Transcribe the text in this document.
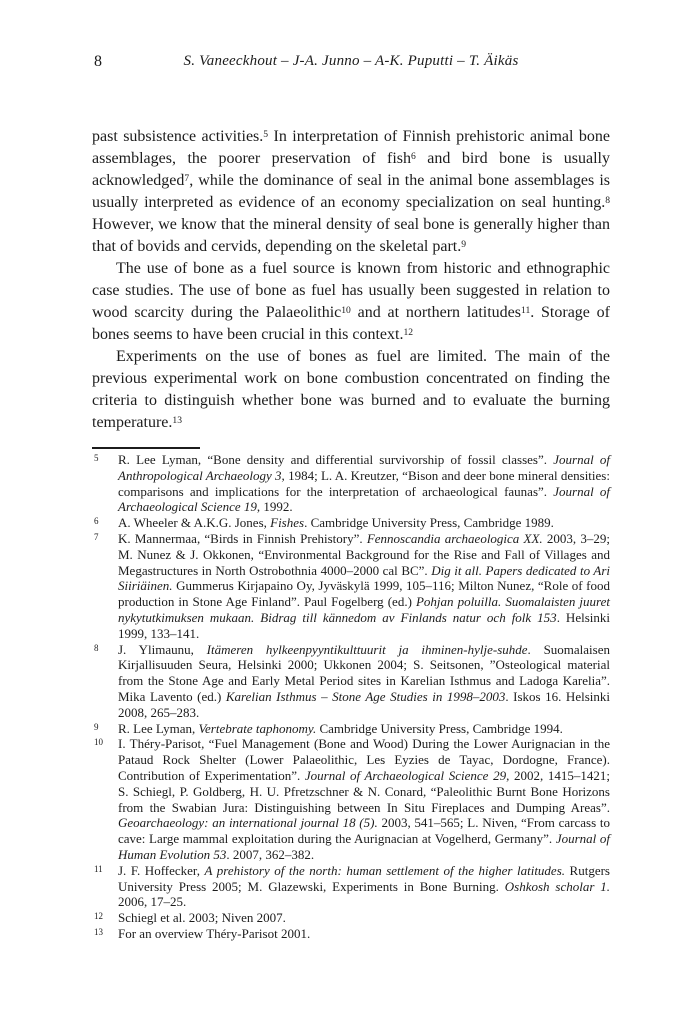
8	S. Vaneeckhout – J-A. Junno – A-K. Puputti – T. Äikäs

past subsistence activities.$^5$ In interpretation of Finnish prehistoric animal bone assemblages, the poorer preservation of fish$^6$ and bird bone is usually acknowledged$^7$, while the dominance of seal in the animal bone assemblages is usually interpreted as evidence of an economy specialization on seal hunting.$^8$ However, we know that the mineral density of seal bone is generally higher than that of bovids and cervids, depending on the skeletal part.$^9$

The use of bone as a fuel source is known from historic and ethnographic case studies. The use of bone as fuel has usually been suggested in relation to wood scarcity during the Palaeolithic$^{10}$ and at northern latitudes$^{11}$. Storage of bones seems to have been crucial in this context.$^{12}$

Experiments on the use of bones as fuel are limited. The main of the previous experimental work on bone combustion concentrated on finding the criteria to distinguish whether bone was burned and to evaluate the burning temperature.$^{13}$

5 R. Lee Lyman, “Bone density and differential survivorship of fossil classes”. Journal of Anthropological Archaeology 3, 1984; L. A. Kreutzer, “Bison and deer bone mineral densities: comparisons and implications for the interpretation of archaeological faunas”. Journal of Archaeological Science 19, 1992.
6 A. Wheeler & A.K.G. Jones, Fishes. Cambridge University Press, Cambridge 1989.
7 K. Mannermaa, “Birds in Finnish Prehistory”. Fennoscandia archaeologica XX. 2003, 3–29; M. Nunez & J. Okkonen, “Environmental Background for the Rise and Fall of Villages and Megastructures in North Ostrobothnia 4000–2000 cal BC”. Dig it all. Papers dedicated to Ari Siiriäinen. Gummerus Kirjapaino Oy, Jyväskylä 1999, 105–116; Milton Nunez, “Role of food production in Stone Age Finland”. Paul Fogelberg (ed.) Pohjan poluilla. Suomalaisten juuret nykytutkimuksen mukaan. Bidrag till kännedom av Finlands natur och folk 153. Helsinki 1999, 133–141.
8 J. Ylimaunu, Itämeren hylkeenpyyntikulttuurit ja ihminen-hylje-suhde. Suomalaisen Kirjallisuuden Seura, Helsinki 2000; Ukkonen 2004; S. Seitsonen, ”Osteological material from the Stone Age and Early Metal Period sites in Karelian Isthmus and Ladoga Karelia”. Mika Lavento (ed.) Karelian Isthmus – Stone Age Studies in 1998–2003. Iskos 16. Helsinki 2008, 265–283.
9 R. Lee Lyman, Vertebrate taphonomy. Cambridge University Press, Cambridge 1994.
10 I. Théry-Parisot, “Fuel Management (Bone and Wood) During the Lower Aurignacian in the Pataud Rock Shelter (Lower Palaeolithic, Les Eyzies de Tayac, Dordogne, France). Contribution of Experimentation”. Journal of Archaeological Science 29, 2002, 1415–1421; S. Schiegl, P. Goldberg, H. U. Pfretzschner & N. Conard, “Paleolithic Burnt Bone Horizons from the Swabian Jura: Distinguishing between In Situ Fireplaces and Dumping Areas”. Geoarchaeology: an international journal 18 (5). 2003, 541–565; L. Niven, “From carcass to cave: Large mammal exploitation during the Aurignacian at Vogelherd, Germany”. Journal of Human Evolution 53. 2007, 362–382.
11 J. F. Hoffecker, A prehistory of the north: human settlement of the higher latitudes. Rutgers University Press 2005; M. Glazewski, Experiments in Bone Burning. Oshkosh scholar 1. 2006, 17–25.
12 Schiegl et al. 2003; Niven 2007.
13 For an overview Théry-Parisot 2001.
